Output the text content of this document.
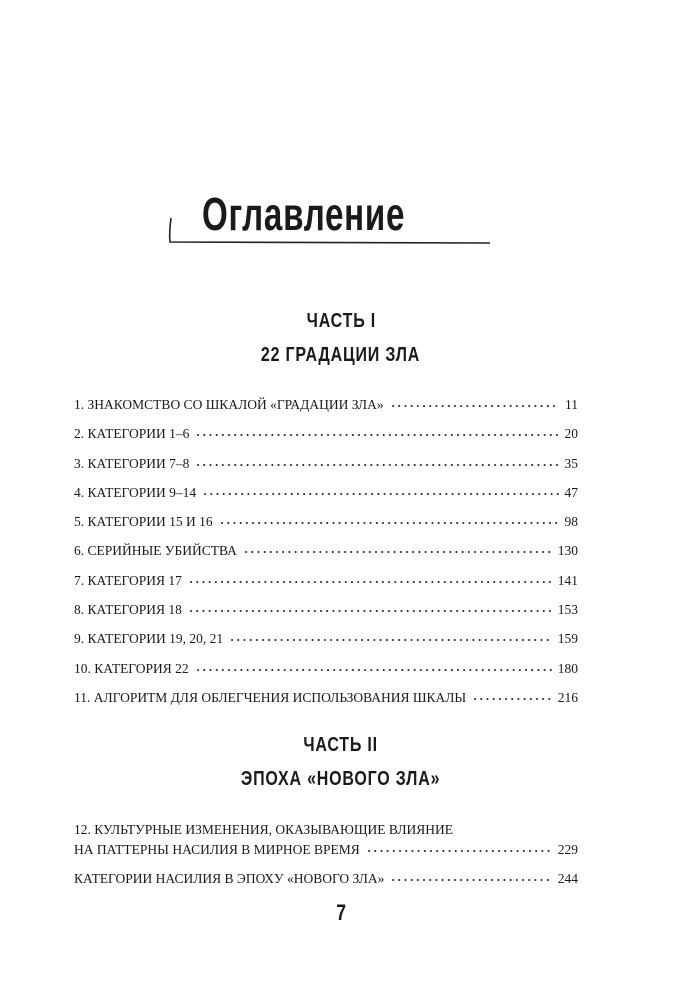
Оглавление
ЧАСТЬ I
22 ГРАДАЦИИ ЗЛА
1. ЗНАКОМСТВО СО ШКАЛОЙ «ГРАДАЦИИ ЗЛА»	11
2. КАТЕГОРИИ 1–6	20
3. КАТЕГОРИИ 7–8	35
4. КАТЕГОРИИ 9–14	47
5. КАТЕГОРИИ 15 И 16	98
6. СЕРИЙНЫЕ УБИЙСТВА	130
7. КАТЕГОРИЯ 17	141
8. КАТЕГОРИЯ 18	153
9. КАТЕГОРИИ 19, 20, 21	159
10. КАТЕГОРИЯ 22	180
11. АЛГОРИТМ ДЛЯ ОБЛЕГЧЕНИЯ ИСПОЛЬЗОВАНИЯ ШКАЛЫ	216
ЧАСТЬ II
ЭПОХА «НОВОГО ЗЛА»
12. КУЛЬТУРНЫЕ ИЗМЕНЕНИЯ, ОКАЗЫВАЮЩИЕ ВЛИЯНИЕ
НА ПАТТЕРНЫ НАСИЛИЯ В МИРНОЕ ВРЕМЯ	229
КАТЕГОРИИ НАСИЛИЯ В ЭПОХУ «НОВОГО ЗЛА»	244
7
